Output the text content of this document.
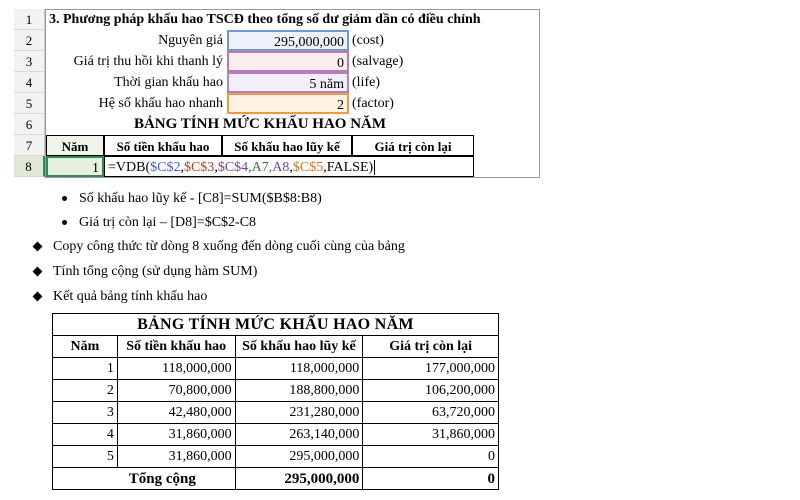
1	3. Phương pháp khấu hao TSCĐ theo tổng số dư giảm dần có điều chỉnh
2	Nguyên giá	295,000,000 (cost)
3	Giá trị thu hồi khi thanh lý	0 (salvage)
4	Thời gian khấu hao	5 năm (life)
5	Hệ số khấu hao nhanh	2 (factor)
6	BẢNG TÍNH MỨC KHẤU HAO NĂM
7	Năm	Số tiền khấu hao	Số khấu hao lũy kế	Giá trị còn lại
8	1 =VDB($C$2,$C$3,$C$4,A7,A8,$C$5,FALSE)
Số khấu hao lũy kế - [C8]=SUM($B$8:B8)
Giá trị còn lại – [D8]=$C$2-C8
Copy công thức từ dòng 8 xuống đến dòng cuối cùng của bảng
Tính tổng cộng (sử dụng hàm SUM)
Kết quả bảng tính khấu hao
BẢNG TÍNH MỨC KHẤU HAO NĂM			
Năm	Số tiền khấu hao	Số khấu hao lũy kế	Giá trị còn lại
1	118,000,000	118,000,000	177,000,000
2	70,800,000	188,800,000	106,200,000
3	42,480,000	231,280,000	63,720,000
4	31,860,000	263,140,000	31,860,000
5	31,860,000	295,000,000	0
Tổng cộng		295,000,000	0
